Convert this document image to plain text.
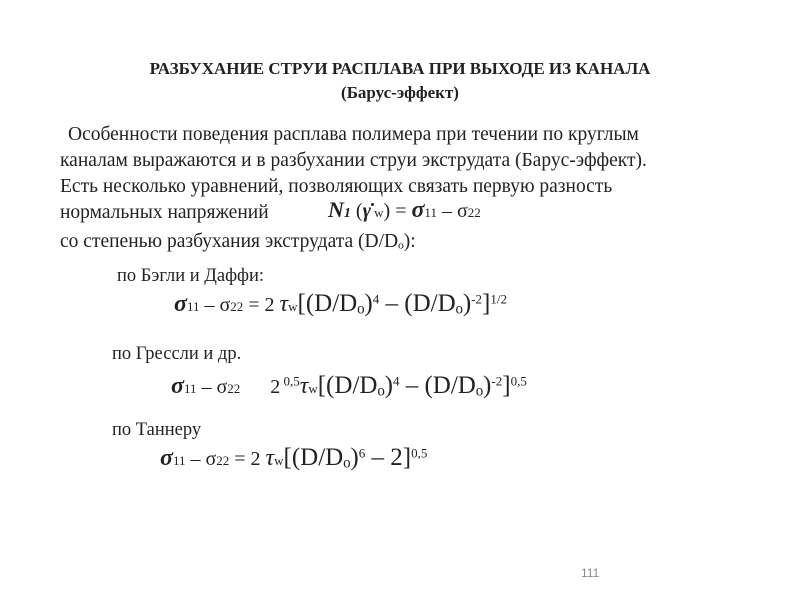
РАЗБУХАНИЕ СТРУИ РАСПЛАВА ПРИ ВЫХОДЕ ИЗ КАНАЛА
(Барус-эффект)
Особенности поведения расплава полимера при течении по круглым
каналам выражаются и в разбухании струи экструдата (Барус-эффект).
Есть несколько уравнений, позволяющих связать первую разность
нормальных напряжений	N1 (γ̇ w) = σ11 – σ22
со степенью разбухания экструдата (D/Dₒ):
по Бэгли и Даффи:
σ11 – σ22 = 2 $\tau w[(D/D_o)^4 - (D/D_o)^{-2}]^{1/2}$
по Грессли и др.
σ11 – σ22 2 $^{0,5}\tau w[(D/D_o)^4 - (D/D_o)^{-2}]^{0,5}$
по Таннеру
σ11 – σ22 = 2 $\tau w[(D/D_o)^6 - 2]^{0,5}$
111
